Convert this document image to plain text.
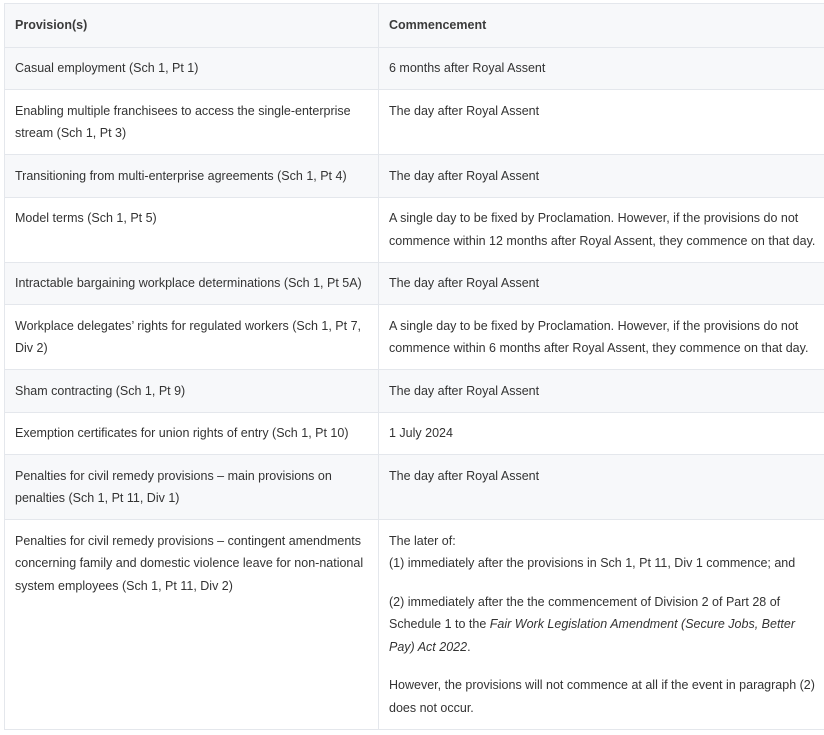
Provision(s)	Commencement
Casual employment (Sch 1, Pt 1)	6 months after Royal Assent
Enabling multiple franchisees to access the single-enterprise stream (Sch 1, Pt 3)	The day after Royal Assent
Transitioning from multi-enterprise agreements (Sch 1, Pt 4)	The day after Royal Assent
Model terms (Sch 1, Pt 5)	A single day to be fixed by Proclamation. However, if the provisions do not commence within 12 months after Royal Assent, they commence on that day.
Intractable bargaining workplace determinations (Sch 1, Pt 5A)	The day after Royal Assent
Workplace delegates’ rights for regulated workers (Sch 1, Pt 7, Div 2)	A single day to be fixed by Proclamation. However, if the provisions do not commence within 6 months after Royal Assent, they commence on that day.
Sham contracting (Sch 1, Pt 9)	The day after Royal Assent
Exemption certificates for union rights of entry (Sch 1, Pt 10)	1 July 2024
Penalties for civil remedy provisions – main provisions on penalties (Sch 1, Pt 11, Div 1)	The day after Royal Assent
Penalties for civil remedy provisions – contingent amendments concerning family and domestic violence leave for non-national system employees (Sch 1, Pt 11, Div 2)	The later of:
(1) immediately after the provisions in Sch 1, Pt 11, Div 1 commence; and
(2) immediately after the the commencement of Division 2 of Part 28 of Schedule 1 to the Fair Work Legislation Amendment (Secure Jobs, Better Pay) Act 2022.
However, the provisions will not commence at all if the event in paragraph (2) does not occur.
